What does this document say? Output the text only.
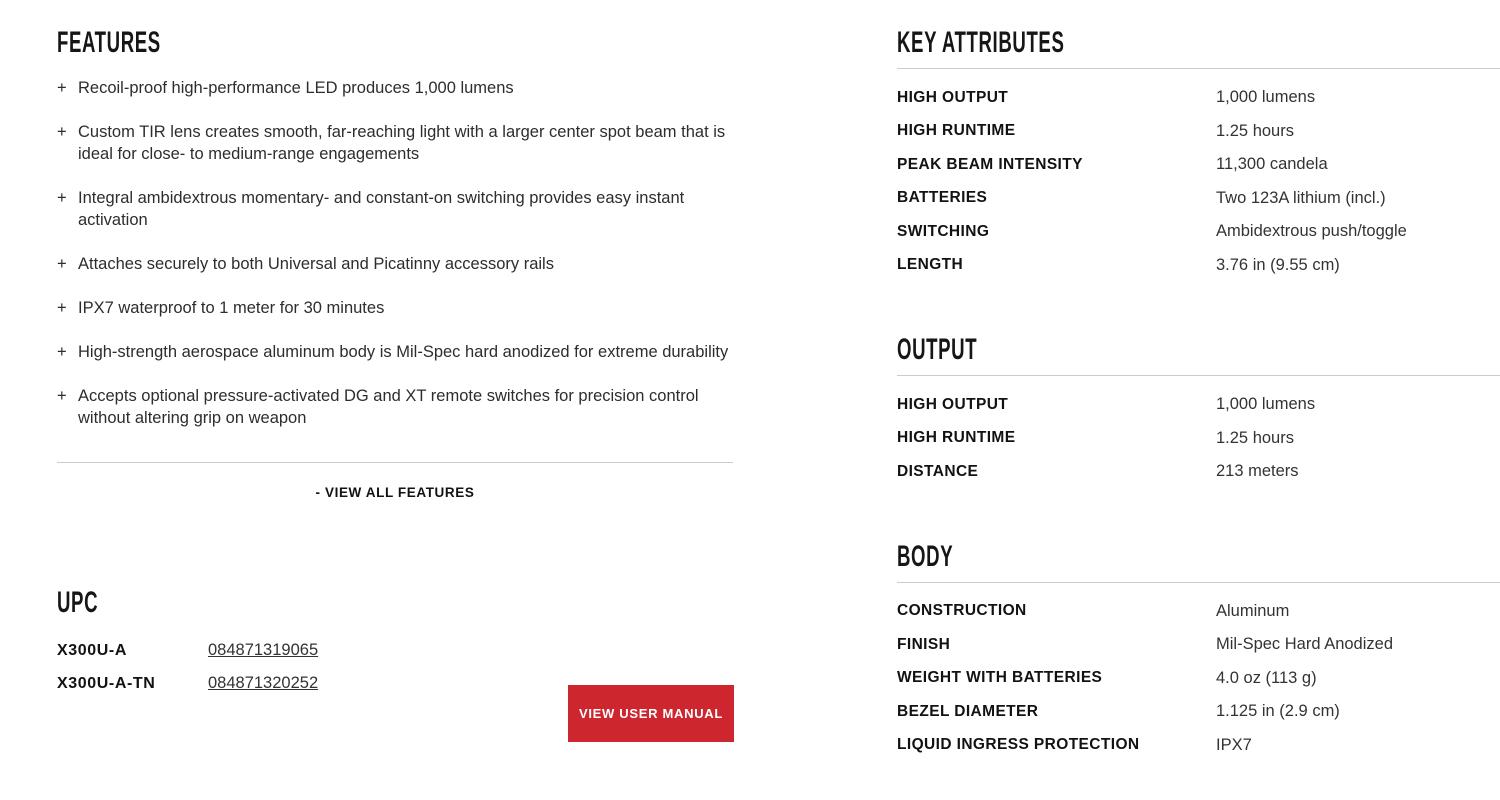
FEATURES
+ Recoil-proof high-performance LED produces 1,000 lumens
+ Custom TIR lens creates smooth, far-reaching light with a larger center spot beam that is ideal for close- to medium-range engagements
+ Integral ambidextrous momentary- and constant-on switching provides easy instant activation
+ Attaches securely to both Universal and Picatinny accessory rails
+ IPX7 waterproof to 1 meter for 30 minutes
+ High-strength aerospace aluminum body is Mil-Spec hard anodized for extreme durability
+ Accepts optional pressure-activated DG and XT remote switches for precision control without altering grip on weapon
- VIEW ALL FEATURES
UPC
X300U-A	084871319065
X300U-A-TN	084871320252
VIEW USER MANUAL
KEY ATTRIBUTES
HIGH OUTPUT	1,000 lumens
HIGH RUNTIME	1.25 hours
PEAK BEAM INTENSITY	11,300 candela
BATTERIES	Two 123A lithium (incl.)
SWITCHING	Ambidextrous push/toggle
LENGTH	3.76 in (9.55 cm)
OUTPUT
HIGH OUTPUT	1,000 lumens
HIGH RUNTIME	1.25 hours
DISTANCE	213 meters
BODY
CONSTRUCTION	Aluminum
FINISH	Mil-Spec Hard Anodized
WEIGHT WITH BATTERIES	4.0 oz (113 g)
BEZEL DIAMETER	1.125 in (2.9 cm)
LIQUID INGRESS PROTECTION	IPX7
